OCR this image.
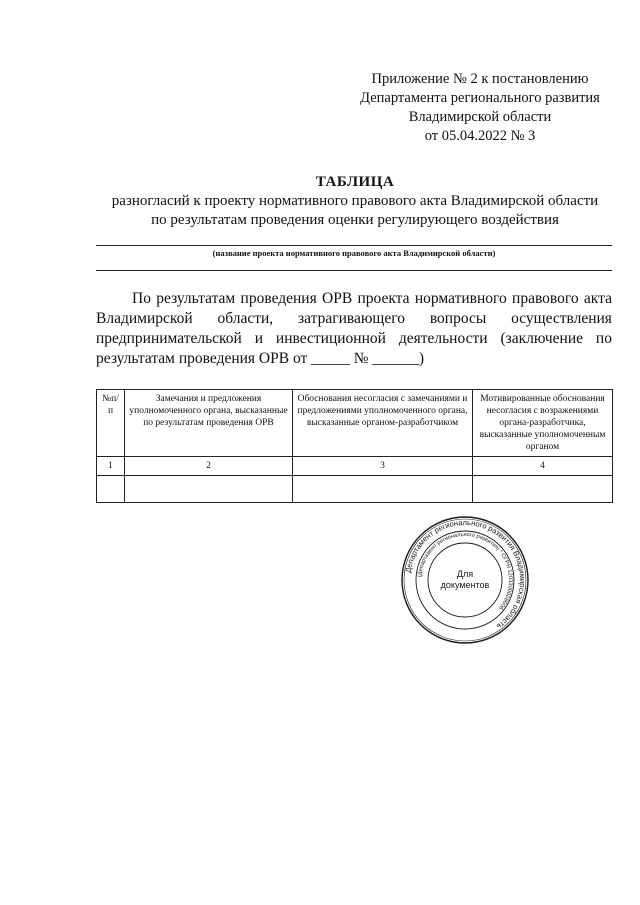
Приложение № 2 к постановлению
Департамента регионального развития
Владимирской области
от 05.04.2022 № 3
ТАБЛИЦА
разногласий к проекту нормативного правового акта Владимирской области
по результатам проведения оценки регулирующего воздействия
(название проекта нормативного правового акта Владимирской области)
По результатам проведения ОРВ проекта нормативного правового акта
Владимирской области, затрагивающего вопросы осуществления
предпринимательской и инвестиционной деятельности (заключение по
результатам проведения ОРВ от _____ № ______)
№п/п	Замечания и предложения уполномоченного органа, высказанные по результатам проведения ОРВ	Обоснования несогласия с замечаниями и предложениями уполномоченного органа, высказанные органом-разработчиком	Мотивированные обоснования несогласия с возражениями органа-разработчика, высказанные уполномоченным органом
1	2	3	4

Департамент регионального развития Владимирская область
(Департамент регионального развития) * ОГРН 1203300008606
Для
документов
